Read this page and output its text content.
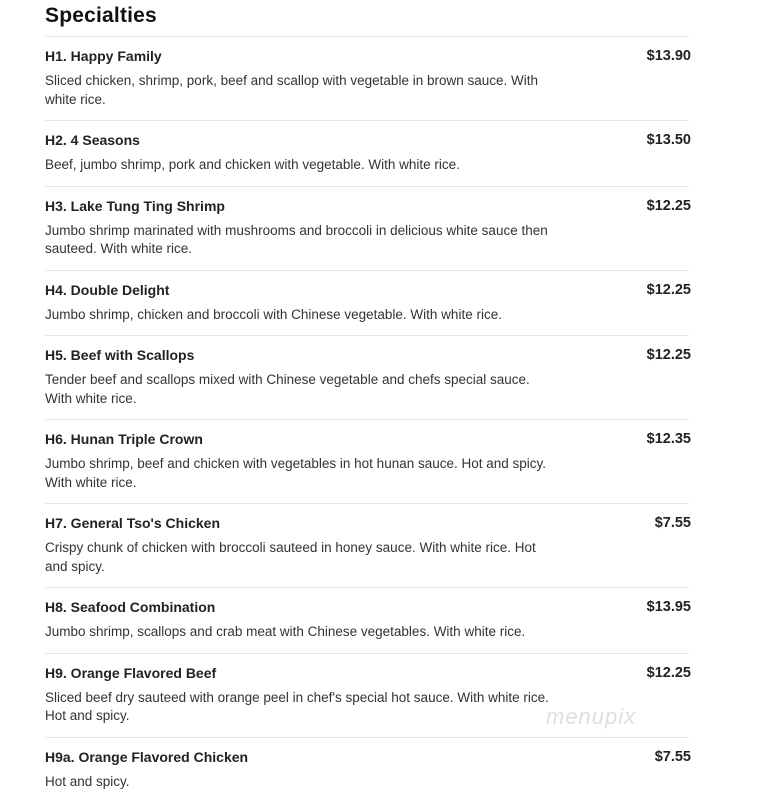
Specialties
H1. Happy Family	$13.90
Sliced chicken, shrimp, pork, beef and scallop with vegetable in brown sauce. With white rice.
H2. 4 Seasons	$13.50
Beef, jumbo shrimp, pork and chicken with vegetable. With white rice.
H3. Lake Tung Ting Shrimp	$12.25
Jumbo shrimp marinated with mushrooms and broccoli in delicious white sauce then sauteed. With white rice.
H4. Double Delight	$12.25
Jumbo shrimp, chicken and broccoli with Chinese vegetable. With white rice.
H5. Beef with Scallops	$12.25
Tender beef and scallops mixed with Chinese vegetable and chefs special sauce. With white rice.
H6. Hunan Triple Crown	$12.35
Jumbo shrimp, beef and chicken with vegetables in hot hunan sauce. Hot and spicy. With white rice.
H7. General Tso's Chicken	$7.55
Crispy chunk of chicken with broccoli sauteed in honey sauce. With white rice. Hot and spicy.
H8. Seafood Combination	$13.95
Jumbo shrimp, scallops and crab meat with Chinese vegetables. With white rice.
H9. Orange Flavored Beef	$12.25
Sliced beef dry sauteed with orange peel in chef's special hot sauce. With white rice. Hot and spicy.
H9a. Orange Flavored Chicken	$7.55
Hot and spicy.
menupix
